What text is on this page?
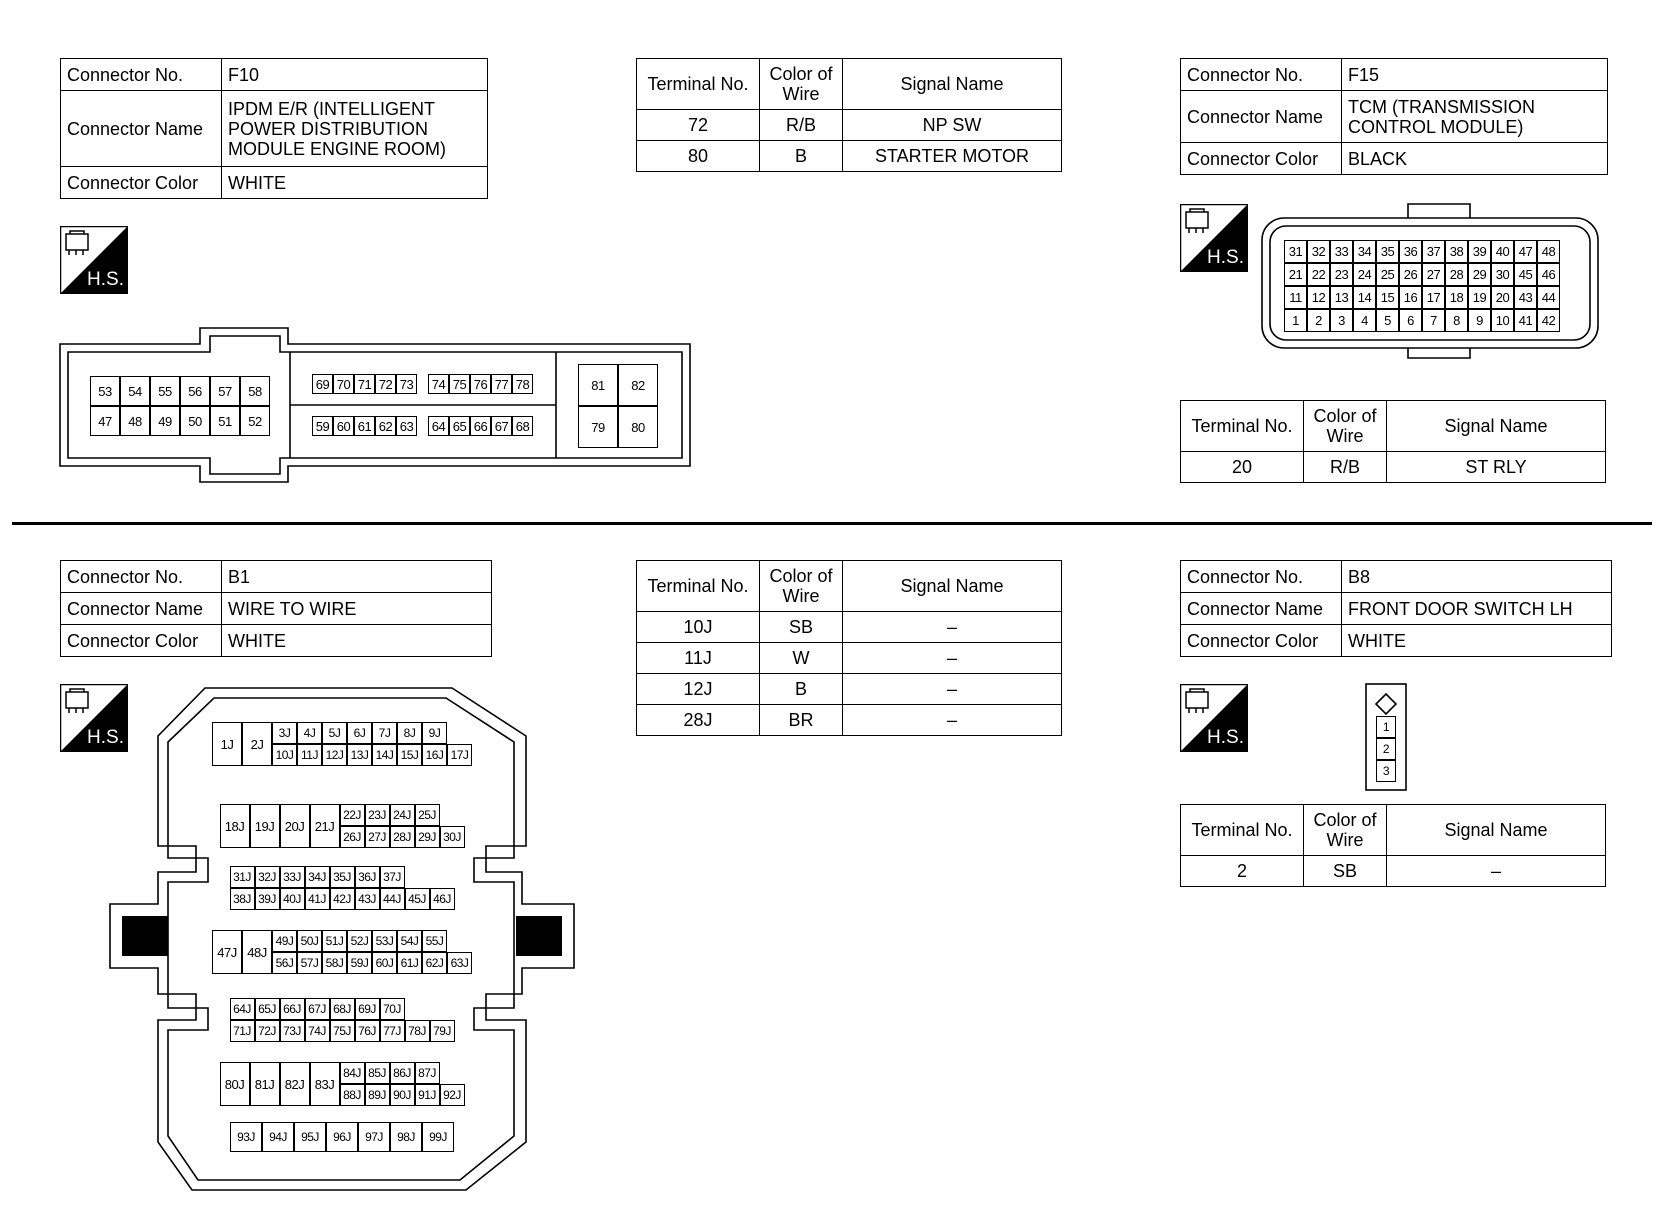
Connector No.	F10
Connector Name	IPDM E/R (INTELLIGENT POWER DISTRIBUTION MODULE ENGINE ROOM)
Connector Color	WHITE
Terminal No.	Color of Wire	Signal Name
72	R/B	NP SW
80	B	STARTER MOTOR
Connector No.	F15
Connector Name	TCM (TRANSMISSION CONTROL MODULE)
Connector Color	BLACK
Terminal No.	Color of Wire	Signal Name
20	R/B	ST RLY
Connector No.	B1
Connector Name	WIRE TO WIRE
Connector Color	WHITE
Terminal No.	Color of Wire	Signal Name
10J	SB	–
11J	W	–
12J	B	–
28J	BR	–
Connector No.	B8
Connector Name	FRONT DOOR SWITCH LH
Connector Color	WHITE
Terminal No.	Color of Wire	Signal Name
2	SB	–
H.S.
H.S.
H.S.	H.S.
53	54	55	56	57	58
47	48	49	50	51	52
69 70 71 72 73 74 75 76 77 78
59 60 61 62 63 64 65 66 67 68
81	82
79	80
31 32 33 34 35 36 37 38 39 40 47 48
21 22 23 24 25 26 27 28 29 30 45 46
11 12 13 14 15 16 17 18 19 20 43 44
1	2	3	4	5	6	7	8	9 10 41 42
1
2
3
1J	2J
3J	4J	5J	6J	7J	8J	9J
10J 11J 12J 13J 14J 15J 16J 17J
18J 19J 20J 21J
22J 23J 24J 25J
26J 27J 28J 29J 30J
31J 32J 33J 34J 35J 36J 37J
38J 39J 40J 41J 42J 43J 44J 45J 46J
47J 48J
49J 50J 51J 52J 53J 54J 55J
56J 57J 58J 59J 60J 61J 62J 63J
64J 65J 66J 67J 68J 69J 70J
71J 72J 73J 74J 75J 76J 77J 78J 79J
80J 81J 82J 83J
84J 85J 86J 87J
88J 89J 90J 91J 92J
93J	94J	95J	96J	97J	98J	99J
